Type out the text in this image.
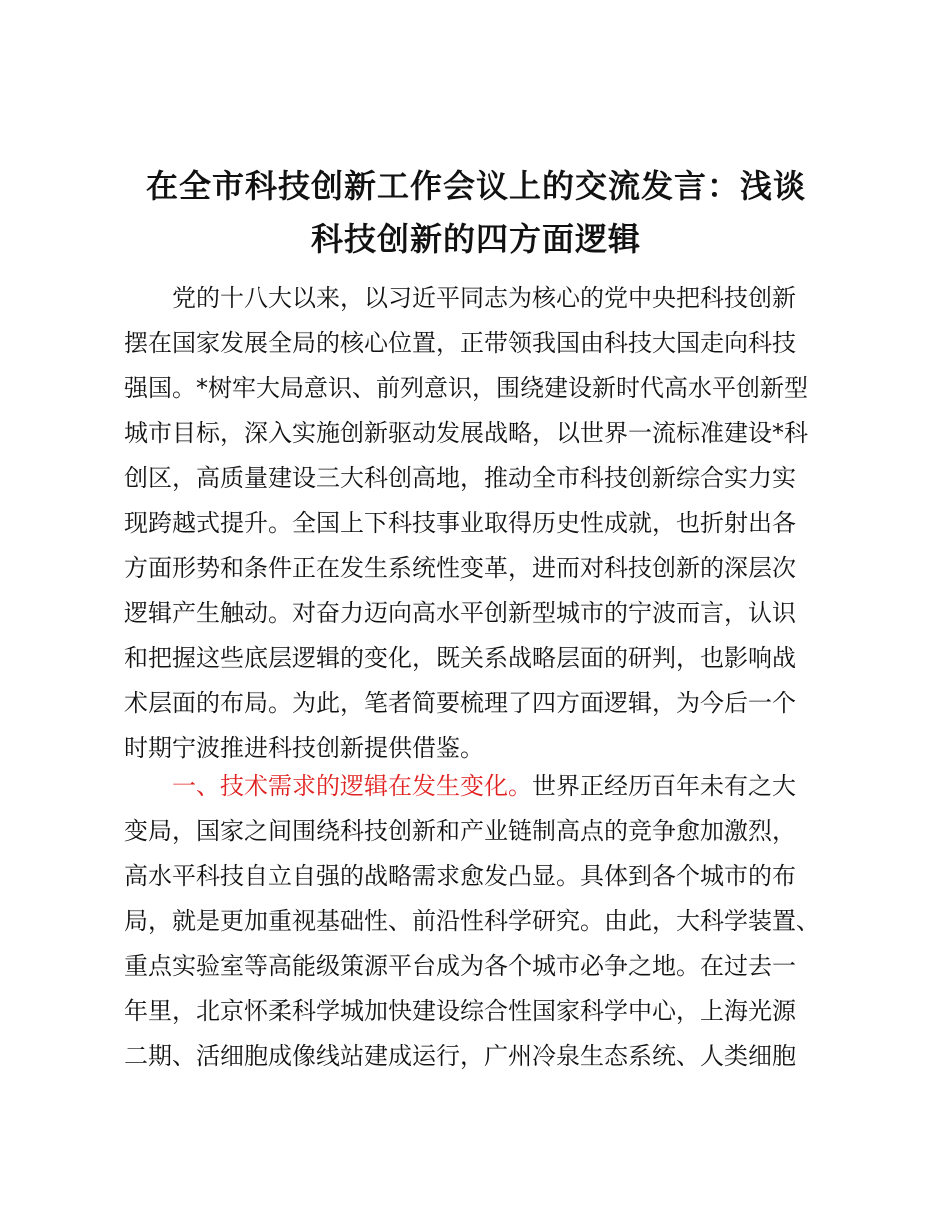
在全市科技创新工作会议上的交流发言：浅谈
科技创新的四方面逻辑
党的十八大以来，以习近平同志为核心的党中央把科技创新
摆在国家发展全局的核心位置，正带领我国由科技大国走向科技
强国。*树牢大局意识、前列意识，围绕建设新时代高水平创新型
城市目标，深入实施创新驱动发展战略，以世界一流标准建设*科
创区，高质量建设三大科创高地，推动全市科技创新综合实力实
现跨越式提升。全国上下科技事业取得历史性成就，也折射出各
方面形势和条件正在发生系统性变革，进而对科技创新的深层次
逻辑产生触动。对奋力迈向高水平创新型城市的宁波而言，认识
和把握这些底层逻辑的变化，既关系战略层面的研判，也影响战
术层面的布局。为此，笔者简要梳理了四方面逻辑，为今后一个
时期宁波推进科技创新提供借鉴。
一、技术需求的逻辑在发生变化。世界正经历百年未有之大
变局，国家之间围绕科技创新和产业链制高点的竞争愈加激烈，
高水平科技自立自强的战略需求愈发凸显。具体到各个城市的布
局，就是更加重视基础性、前沿性科学研究。由此，大科学装置、
重点实验室等高能级策源平台成为各个城市必争之地。在过去一
年里，北京怀柔科学城加快建设综合性国家科学中心，上海光源
二期、活细胞成像线站建成运行，广州冷泉生态系统、人类细胞
